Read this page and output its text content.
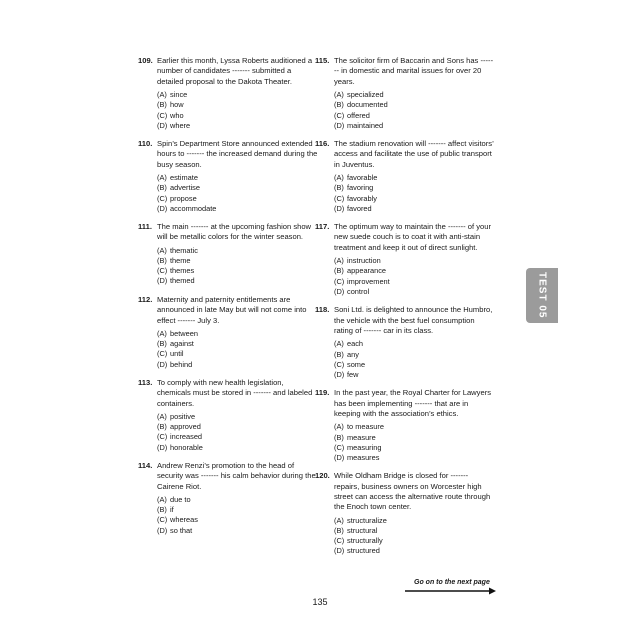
109. Earlier this month, Lyssa Roberts auditioned a number of candidates ------- submitted a detailed proposal to the Dakota Theater.
(A) since
(B) how
(C) who
(D) where
110. Spin’s Department Store announced extended hours to ------- the increased demand during the busy season.
(A) estimate
(B) advertise
(C) propose
(D) accommodate
111. The main ------- at the upcoming fashion show will be metallic colors for the winter season.
(A) thematic
(B) theme
(C) themes
(D) themed
112. Maternity and paternity entitlements are announced in late May but will not come into effect ------- July 3.
(A) between
(B) against
(C) until
(D) behind
113. To comply with new health legislation, chemicals must be stored in ------- and labeled containers.
(A) positive
(B) approved
(C) increased
(D) honorable
114. Andrew Renzi’s promotion to the head of security was ------- his calm behavior during the Cairene Riot.
(A) due to
(B) if
(C) whereas
(D) so that
115. The solicitor firm of Baccarin and Sons has ------- in domestic and marital issues for over 20 years.
(A) specialized
(B) documented
(C) offered
(D) maintained
116. The stadium renovation will ------- affect visitors’ access and facilitate the use of public transport in Juventus.
(A) favorable
(B) favoring
(C) favorably
(D) favored
117. The optimum way to maintain the ------- of your new suede couch is to coat it with anti-stain treatment and keep it out of direct sunlight.
(A) instruction
(B) appearance
(C) improvement
(D) control
118. Soni Ltd. is delighted to announce the Humbro, the vehicle with the best fuel consumption rating of ------- car in its class.
(A) each
(B) any
(C) some
(D) few
119. In the past year, the Royal Charter for Lawyers has been implementing ------- that are in keeping with the association’s ethics.
(A) to measure
(B) measure
(C) measuring
(D) measures
120. While Oldham Bridge is closed for ------- repairs, business owners on Worcester high street can access the alternative route through the Enoch town center.
(A) structuralize
(B) structural
(C) structurally
(D) structured
TEST 05
Go on to the next page
135
